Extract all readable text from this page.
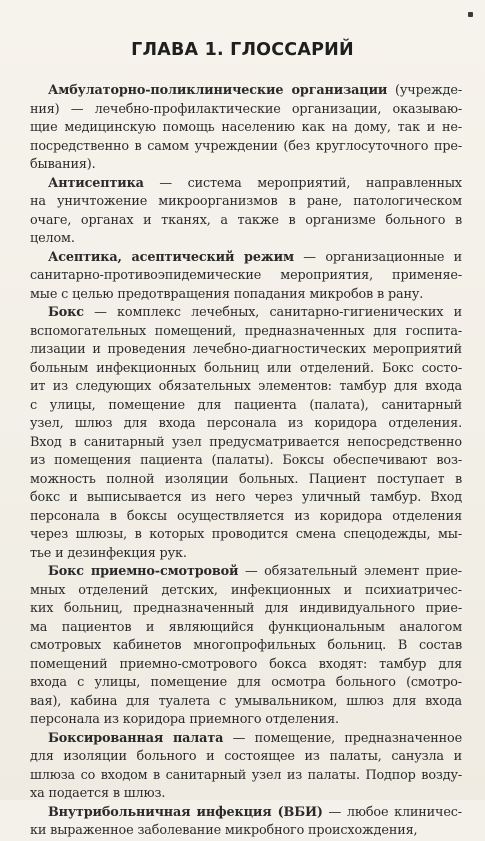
ГЛАВА 1. ГЛОССАРИЙ
Амбулаторно-поликлинические организации (учрежде-
ния) — лечебно-профилактические организации, оказываю-
щие медицинскую помощь населению как на дому, так и не-
посредственно в самом учреждении (без круглосуточного пре-
бывания).
Антисептика — система мероприятий, направленных
на уничтожение микроорганизмов в ране, патологическом
очаге, органах и тканях, а также в организме больного в
целом.
Асептика, асептический режим — организационные и
санитарно-противоэпидемические мероприятия, применяе-
мые с целью предотвращения попадания микробов в рану.
Бокс — комплекс лечебных, санитарно-гигиенических и
вспомогательных помещений, предназначенных для госпита-
лизации и проведения лечебно-диагностических мероприятий
больным инфекционных больниц или отделений. Бокс состо-
ит из следующих обязательных элементов: тамбур для входа
с улицы, помещение для пациента (палата), санитарный
узел, шлюз для входа персонала из коридора отделения.
Вход в санитарный узел предусматривается непосредственно
из помещения пациента (палаты). Боксы обеспечивают воз-
можность полной изоляции больных. Пациент поступает в
бокс и выписывается из него через уличный тамбур. Вход
персонала в боксы осуществляется из коридора отделения
через шлюзы, в которых проводится смена спецодежды, мы-
тье и дезинфекция рук.
Бокс приемно-смотровой — обязательный элемент прие-
мных отделений детских, инфекционных и психиатричес-
ких больниц, предназначенный для индивидуального прие-
ма пациентов и являющийся функциональным аналогом
смотровых кабинетов многопрофильных больниц. В состав
помещений приемно-смотрового бокса входят: тамбур для
входа с улицы, помещение для осмотра больного (смотро-
вая), кабина для туалета с умывальником, шлюз для входа
персонала из коридора приемного отделения.
Боксированная палата — помещение, предназначенное
для изоляции больного и состоящее из палаты, санузла и
шлюза со входом в санитарный узел из палаты. Подпор возду-
ха подается в шлюз.
Внутрибольничная инфекция (ВБИ) — любое клиничес-
ки выраженное заболевание микробного происхождения,
